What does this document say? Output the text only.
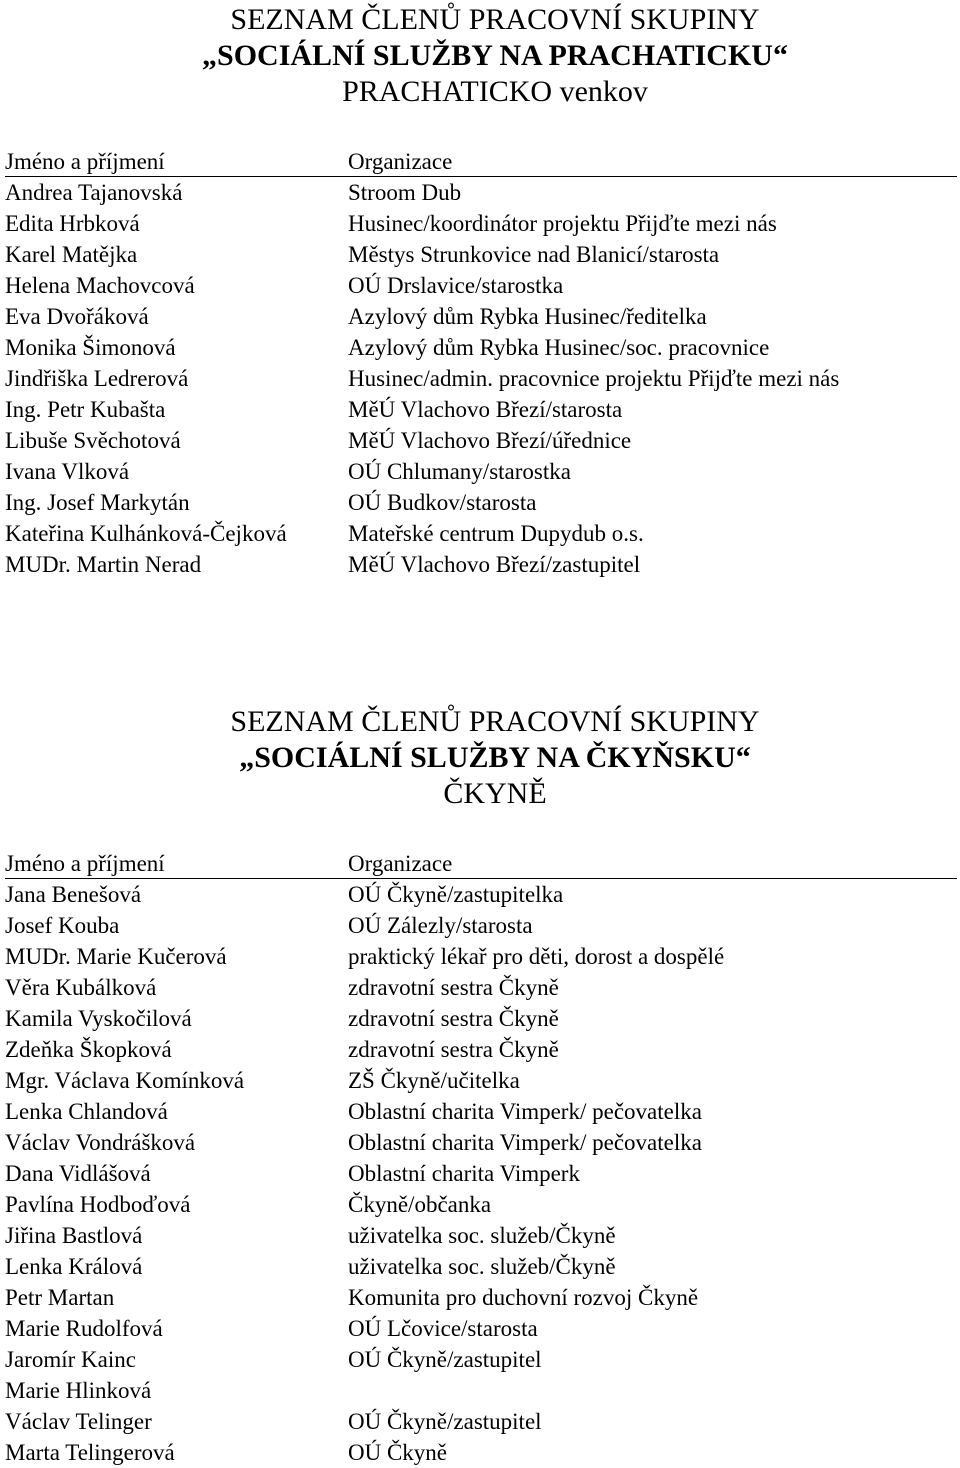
SEZNAM ČLENŮ PRACOVNÍ SKUPINY
„SOCIÁLNÍ SLUŽBY NA PRACHATICKU“
PRACHATICKO venkov
Jméno a příjmení	Organizace
Andrea Tajanovská	Stroom Dub
Edita Hrbková	Husinec/koordinátor projektu Přijďte mezi nás
Karel Matějka	Městys Strunkovice nad Blanicí/starosta
Helena Machovcová	OÚ Drslavice/starostka
Eva Dvořáková	Azylový dům Rybka Husinec/ředitelka
Monika Šimonová	Azylový dům Rybka Husinec/soc. pracovnice
Jindřiška Ledrerová	Husinec/admin. pracovnice projektu Přijďte mezi nás
Ing. Petr Kubašta	MěÚ Vlachovo Březí/starosta
Libuše Svěchotová	MěÚ Vlachovo Březí/úřednice
Ivana Vlková	OÚ Chlumany/starostka
Ing. Josef Markytán	OÚ Budkov/starosta
Kateřina Kulhánková-Čejková	Mateřské centrum Dupydub o.s.
MUDr. Martin Nerad	MěÚ Vlachovo Březí/zastupitel
SEZNAM ČLENŮ PRACOVNÍ SKUPINY
„SOCIÁLNÍ SLUŽBY NA ČKYŇSKU“
ČKYNĚ
Jméno a příjmení	Organizace
Jana Benešová	OÚ Čkyně/zastupitelka
Josef Kouba	OÚ Zálezly/starosta
MUDr. Marie Kučerová	praktický lékař pro děti, dorost a dospělé
Věra Kubálková	zdravotní sestra Čkyně
Kamila Vyskočilová	zdravotní sestra Čkyně
Zdeňka Škopková	zdravotní sestra Čkyně
Mgr. Václava Komínková	ZŠ Čkyně/učitelka
Lenka Chlandová	Oblastní charita Vimperk/ pečovatelka
Václav Vondrášková	Oblastní charita Vimperk/ pečovatelka
Dana Vidlášová	Oblastní charita Vimperk
Pavlína Hodboďová	Čkyně/občanka
Jiřina Bastlová	uživatelka soc. služeb/Čkyně
Lenka Králová	uživatelka soc. služeb/Čkyně
Petr Martan	Komunita pro duchovní rozvoj Čkyně
Marie Rudolfová	OÚ Lčovice/starosta
Jaromír Kainc	OÚ Čkyně/zastupitel
Marie Hlinková
Václav Telinger	OÚ Čkyně/zastupitel
Marta Telingerová	OÚ Čkyně
